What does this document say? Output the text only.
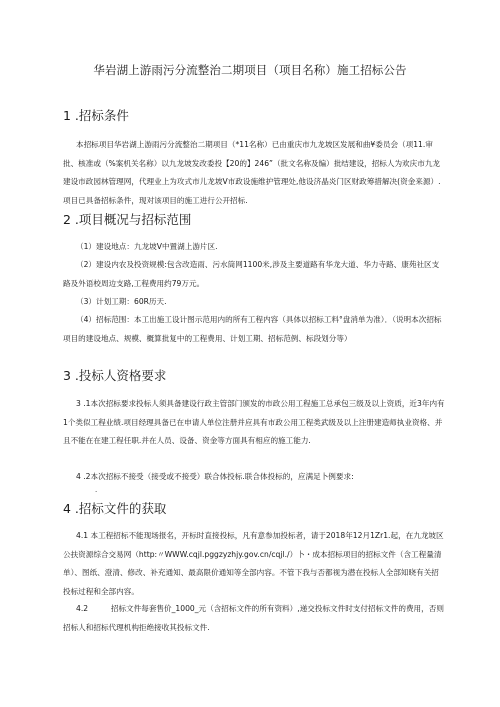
华岩湖上游雨污分流整治二期项目（项目名称）施工招标公告
1 .招标条件

本招标项目华岩湖上游雨污分流整治二期项目（*11名称）已由重庆市九龙坡区发展和曲¥委员会（项11.审批、核准或（%案机关名称）以九龙坡发改委投【20的】246”（批文名称及编）批结建设，招标人为欢庆市九龙建设市政园林管理网，代理业上为攻式市儿龙坡V市政设施维护管理处,他设济晶炎门区财政筹措解决(资金来源）.项目已具备招标条件，现对该项目的施工进行公开招标.

2 .项目概况与招标范围

（1）建设地点：九龙坡V中置湖上游片区.

（2）建设内农及投资规模:包含改造雨、污水筒网1100米,涉及主要道路有华龙大道、华力寺路、康苑社区支路及外语校周边支路,工程费用约79万元。

（3）计划工期：60R历天.

（4）招标范围：本工出施工设计图示范用内的所有工程内容（具体以招标工料°盘消单为准）．（说明本次招标项目的建设地点、规模、概算批复中的工程费用、计划工期、招标范例、标段划分等）

3 .投标人资格要求

3 .1本次招标要求投标人须具备建设行政主管部门颁发的市政公用工程施工总承包三级及以上资质，近3年内有1个类似工程业绩.项目经理具备已在申请人单位注册并应具有市政公用工程类武级及以上注册建造师执业资格、并且不能在在建工程任职.并在人员、设备、资金等方面具有相应的施工能力.

4 .2本次招标不接受（接受或不接受）联合体投标.联合体投标的，应满足卜例要求:

·
4 .招标文件的获取

4.1 本工程招标不能现场报名，开标时直接投标，凡有意参加投标者，请于2018年12月1Zr1.起，在九龙坡区公扶资源综合交易网（http:〃WWW.cqjl.pggzyzhjy.gov.cn/cqjl./）卜・成本招标项目的招标文件（含工程量清单）、图纸、澄清、修改、补充通知、最高限价通知等全部内容。不管下我与否都视为潜在投标人全部知晓有关招投标过程和全部内容。

4.2　　　招标文件每套售价_1000_元（含招标文件的所有资料）,递交投标文件时支付招标文件的费用，否则招标人和招标代理机构拒绝接收其投标文件.
